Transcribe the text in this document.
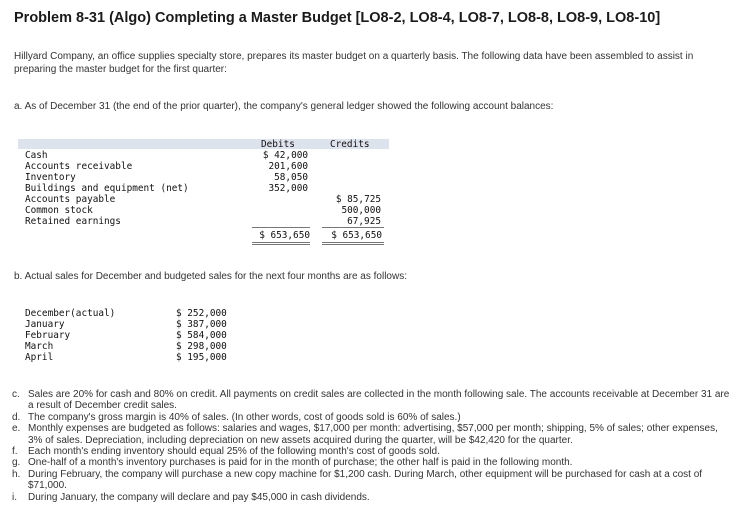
Problem 8-31 (Algo) Completing a Master Budget [LO8-2, LO8-4, LO8-7, LO8-8, LO8-9, LO8-10]

Hillyard Company, an office supplies specialty store, prepares its master budget on a quarterly basis. The following data have been assembled to assist in preparing the master budget for the first quarter:

a. As of December 31 (the end of the prior quarter), the company's general ledger showed the following account balances:

Debits	Credits
Cash
Accounts receivable
Inventory
Buildings and equipment (net)
Accounts payable
Common stock
Retained earnings
$ 42,000
201,600
58,050
352,000
$ 85,725
500,000
67,925
$ 653,650	$ 653,650

b. Actual sales for December and budgeted sales for the next four months are as follows:

December(actual)
January
February
March
April
$ 252,000
$ 387,000
$ 584,000
$ 298,000
$ 195,000
c. Sales are 20% for cash and 80% on credit. All payments on credit sales are collected in the month following sale. The accounts receivable at December 31 are a result of December credit sales.
d. The company's gross margin is 40% of sales. (In other words, cost of goods sold is 60% of sales.)
e. Monthly expenses are budgeted as follows: salaries and wages, $17,000 per month: advertising, $57,000 per month; shipping, 5% of sales; other expenses, 3% of sales. Depreciation, including depreciation on new assets acquired during the quarter, will be $42,420 for the quarter.
f. Each month's ending inventory should equal 25% of the following month's cost of goods sold.
g. One-half of a month's inventory purchases is paid for in the month of purchase; the other half is paid in the following month.
h. During February, the company will purchase a new copy machine for $1,200 cash. During March, other equipment will be purchased for cash at a cost of $71,000.
i. During January, the company will declare and pay $45,000 in cash dividends.
